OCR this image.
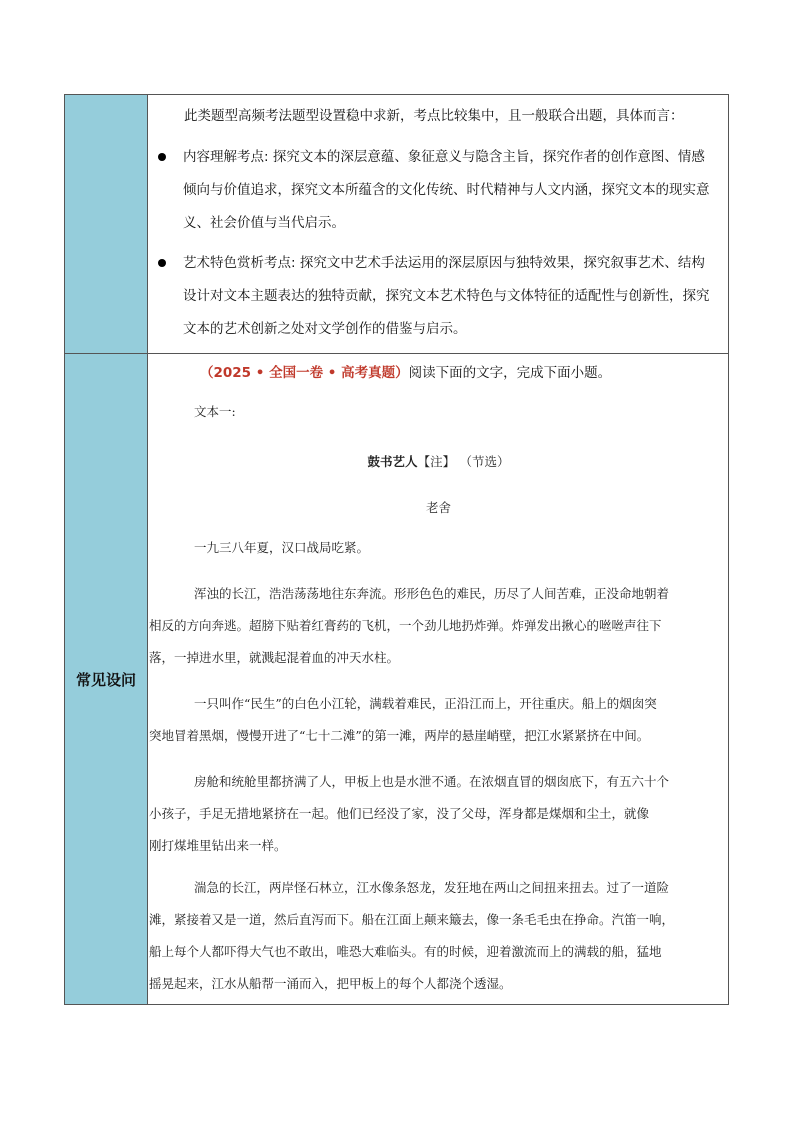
此类题型高频考法题型设置稳中求新，考点比较集中，且一般联合出题，具体而言：
内容理解考点: 探究文本的深层意蕴、象征意义与隐含主旨，探究作者的创作意图、情感
倾向与价值追求，探究文本所蕴含的文化传统、时代精神与人文内涵，探究文本的现实意
义、社会价值与当代启示。
艺术特色赏析考点: 探究文中艺术手法运用的深层原因与独特效果，探究叙事艺术、结构
设计对文本主题表达的独特贡献，探究文本艺术特色与文体特征的适配性与创新性，探究
文本的艺术创新之处对文学创作的借鉴与启示。
常见设问
（2025 • 全国一卷 • 高考真题）阅读下面的文字，完成下面小题。
文本一:
鼓书艺人【注】 （节选）
老舍
一九三八年夏，汉口战局吃紧。
浑浊的长江，浩浩荡荡地往东奔流。形形色色的难民，历尽了人间苦难，正没命地朝着
相反的方向奔逃。超膀下贴着红膏药的飞机，一个劲儿地扔炸弹。炸弹发出揪心的咝咝声往下
落，一掉进水里，就溅起混着血的冲天水柱。
一只叫作“民生”的白色小江轮，满载着难民，正沿江而上，开往重庆。船上的烟囱突
突地冒着黑烟，慢慢开进了“七十二滩”的第一滩，两岸的悬崖峭壁，把江水紧紧挤在中间。
房舱和统舱里都挤满了人，甲板上也是水泄不通。在浓烟直冒的烟囱底下，有五六十个
小孩子，手足无措地紧挤在一起。他们已经没了家，没了父母，浑身都是煤烟和尘土，就像
刚打煤堆里钻出来一样。
湍急的长江，两岸怪石林立，江水像条怒龙，发狂地在两山之间扭来扭去。过了一道险
滩，紧接着又是一道，然后直泻而下。船在江面上颠来簸去，像一条毛毛虫在挣命。汽笛一响，
船上每个人都吓得大气也不敢出，唯恐大难临头。有的时候，迎着激流而上的满载的船，猛地
摇晃起来，江水从船帮一涌而入，把甲板上的每个人都浇个透湿。
